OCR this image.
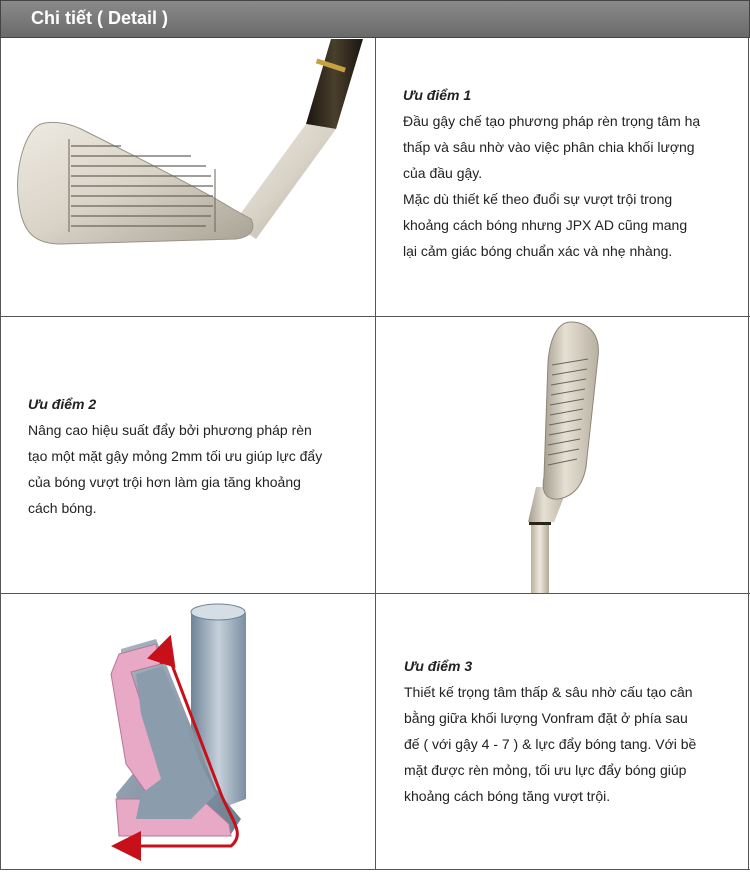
Chi tiết ( Detail )

Ưu điểm 1

Đầu gậy chế tạo phương pháp rèn trọng tâm hạ

thấp và sâu nhờ vào việc phân chia khối lượng

của đầu gậy.

Mặc dù thiết kế theo đuổi sự vượt trội trong

khoảng cách bóng nhưng JPX AD cũng mang

lại cảm giác bóng chuẩn xác và nhẹ nhàng.

Ưu điểm 2

Nâng cao hiệu suất đẩy bởi phương pháp rèn

tạo một mặt gậy mỏng 2mm tối ưu giúp lực đẩy

của bóng vượt trội hơn làm gia tăng khoảng

cách bóng.

Ưu điểm 3

Thiết kế trọng tâm thấp & sâu nhờ cấu tạo cân

bằng giữa khối lượng Vonfram đặt ở phía sau

đế ( với gậy 4 - 7 ) & lực đẩy bóng tang. Với bề

mặt được rèn mỏng, tối ưu lực đẩy bóng giúp

khoảng cách bóng tăng vượt trội.
